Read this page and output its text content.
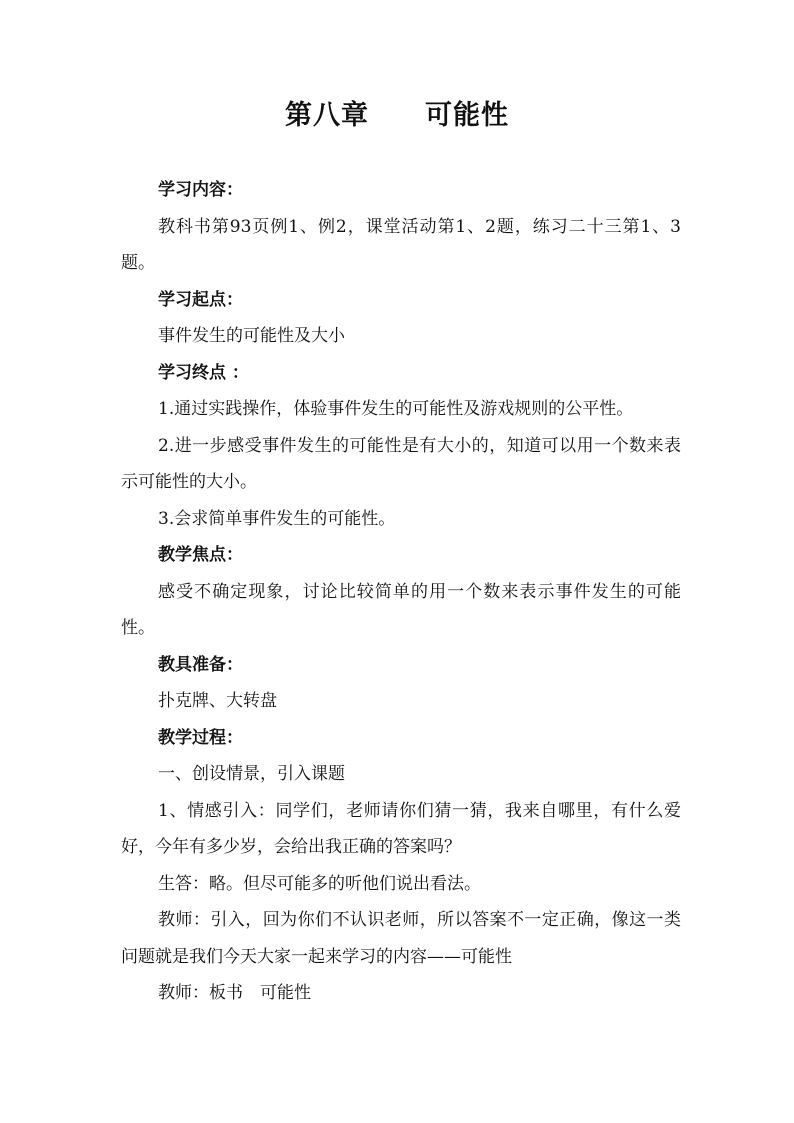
第八章　　可能性

学习内容：

教科书第93页例1、例2，课堂活动第1、2题，练习二十三第1、3题。

学习起点：

事件发生的可能性及大小

学习终点 ：

1.通过实践操作，体验事件发生的可能性及游戏规则的公平性。

2.进一步感受事件发生的可能性是有大小的，知道可以用一个数来表示可能性的大小。

3.会求简单事件发生的可能性。

教学焦点：

感受不确定现象，讨论比较简单的用一个数来表示事件发生的可能性。

教具准备：

扑克牌、大转盘

教学过程：

一、创设情景，引入课题

1、情感引入：同学们，老师请你们猜一猜，我来自哪里，有什么爱好，今年有多少岁，会给出我正确的答案吗？

生答：略。但尽可能多的听他们说出看法。

教师：引入，回为你们不认识老师，所以答案不一定正确，像这一类问题就是我们今天大家一起来学习的内容——可能性

教师：板书　可能性
